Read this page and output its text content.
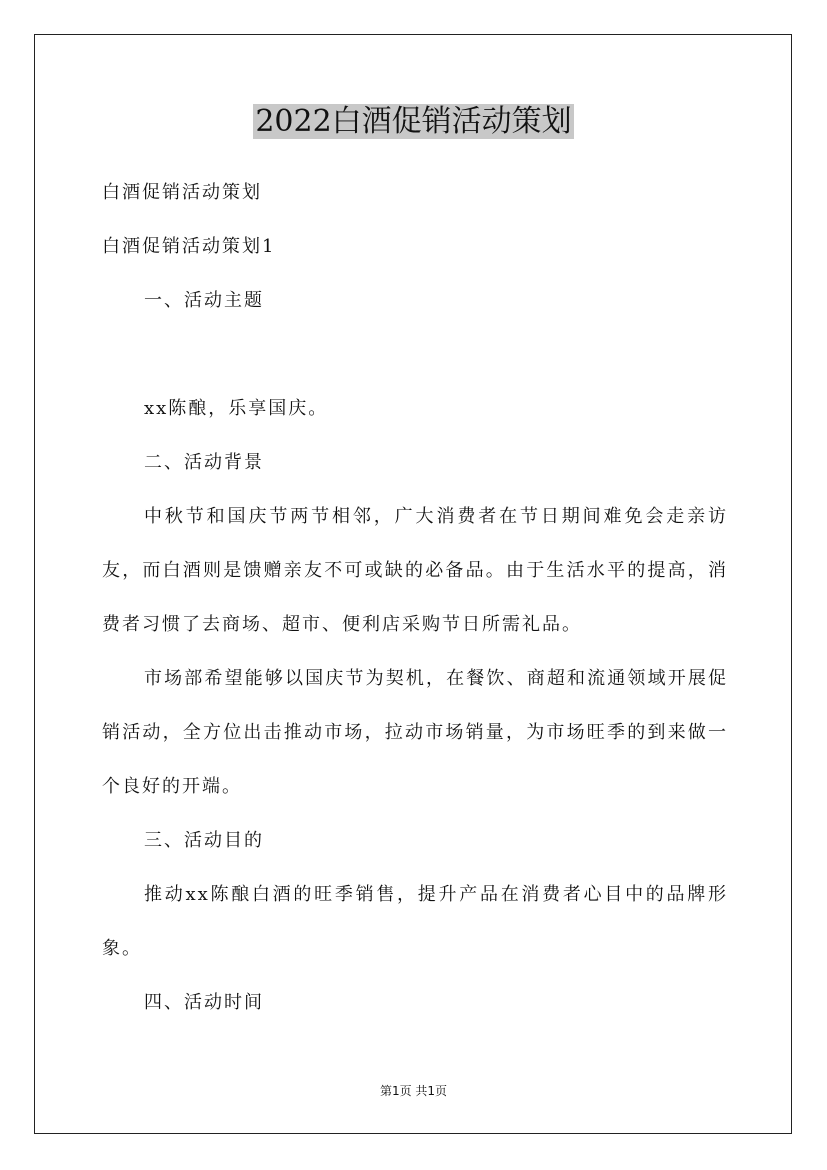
2022白酒促销活动策划

白酒促销活动策划

白酒促销活动策划1

一、活动主题

xx陈酿，乐享国庆。

二、活动背景

中秋节和国庆节两节相邻，广大消费者在节日期间难免会走亲访友，而白酒则是馈赠亲友不可或缺的必备品。由于生活水平的提高，消费者习惯了去商场、超市、便利店采购节日所需礼品。

市场部希望能够以国庆节为契机，在餐饮、商超和流通领域开展促销活动，全方位出击推动市场，拉动市场销量，为市场旺季的到来做一个良好的开端。

三、活动目的

推动xx陈酿白酒的旺季销售，提升产品在消费者心目中的品牌形象。

四、活动时间

第1页 共1页
